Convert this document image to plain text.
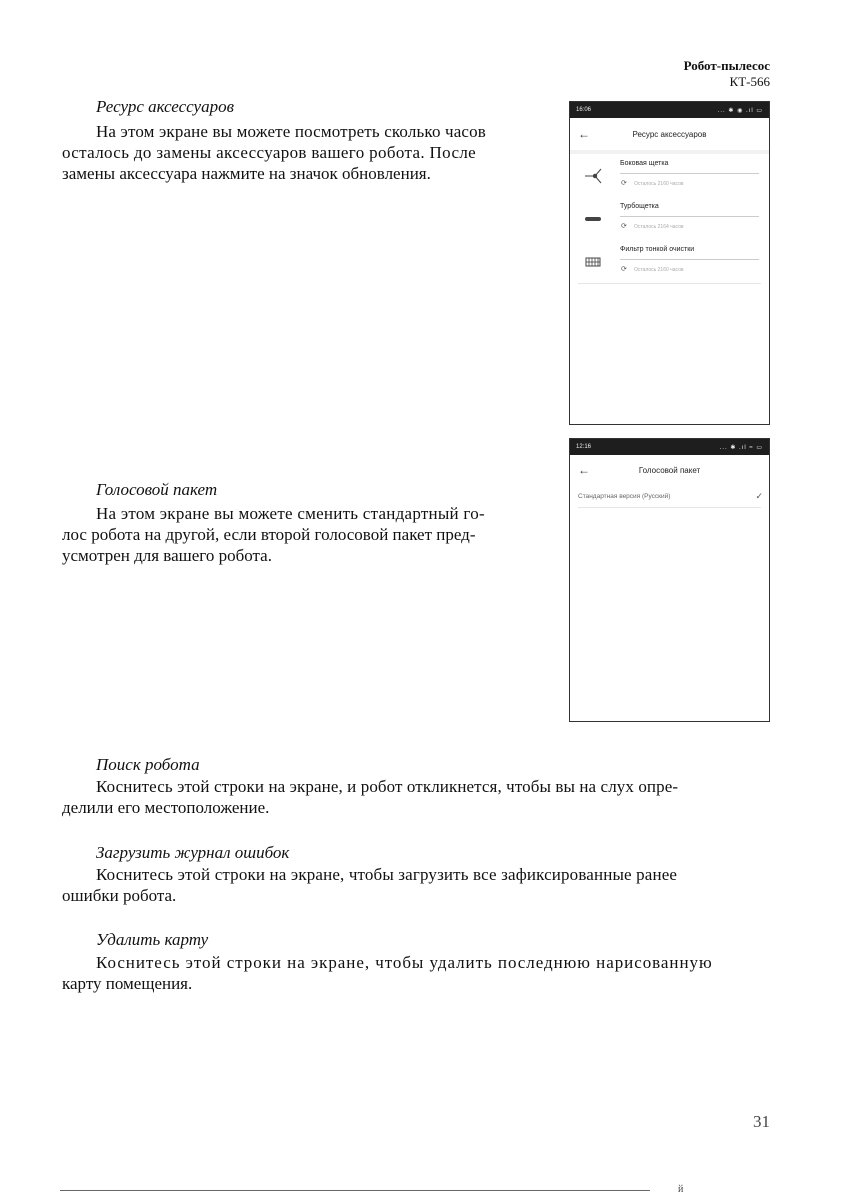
Робот-пылесос
КТ-566
Ресурс аксессуаров
На этом экране вы можете посмотреть сколько часов
осталось до замены аксессуаров вашего робота. После
замены аксессуара нажмите на значок обновления.
Голосовой пакет
На этом экране вы можете сменить стандартный го-
лос робота на другой, если второй голосовой пакет пред-
усмотрен для вашего робота.
Поиск робота
Коснитесь этой строки на экране, и робот откликнется, чтобы вы на слух опре-
делили его местоположение.
Загрузить журнал ошибок
Коснитесь этой строки на экране, чтобы загрузить все зафиксированные ранее
ошибки робота.
Удалить карту
Коснитесь этой строки на экране, чтобы удалить последнюю нарисованную
карту помещения.
16:06	... ✱ ◉ .ıl ▭
←	Ресурс аксессуаров
Боковая щетка
⟳ Осталось 2160 часов
Турбощетка
⟳ Осталось 2164 часов
Фильтр тонкой очистки
⟳ Осталось 2160 часов
12:16	... ✱ .ıl ≈ ▭
←	Голосовой пакет
Стандартная версия (Русский)	✓
31
й
